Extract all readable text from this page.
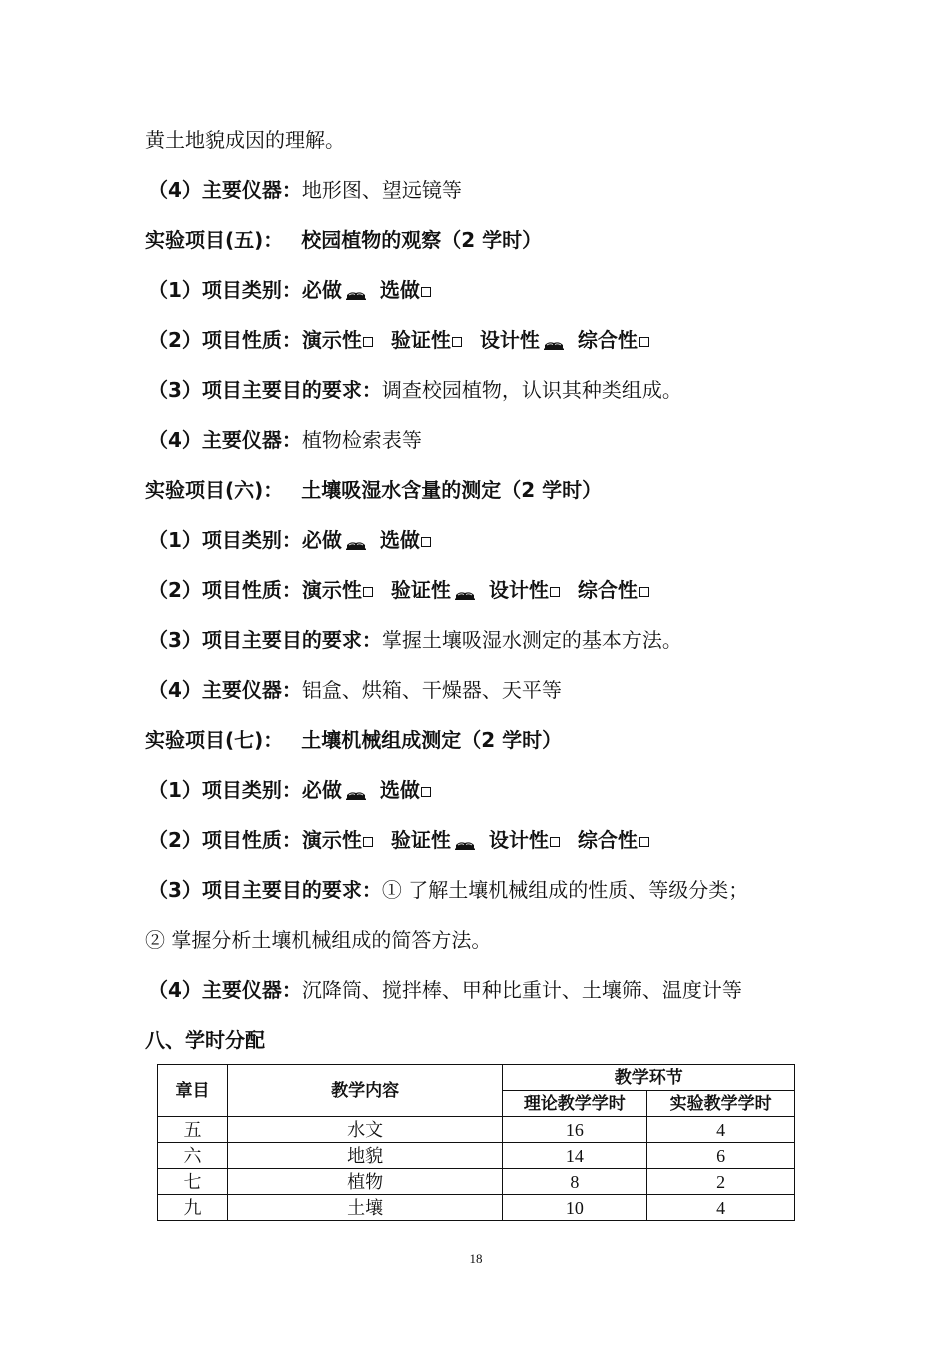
黄土地貌成因的理解。
（4）主要仪器：地形图、望远镜等
实验项目(五)： 校园植物的观察（2 学时）
（1）项目类别：必做 选做
（2）项目性质：演示性 验证性 设计性 综合性
（3）项目主要目的要求：调查校园植物，认识其种类组成。
（4）主要仪器：植物检索表等
实验项目(六)： 土壤吸湿水含量的测定（2 学时）
（1）项目类别：必做 选做
（2）项目性质：演示性 验证性 设计性 综合性
（3）项目主要目的要求：掌握土壤吸湿水测定的基本方法。
（4）主要仪器：铝盒、烘箱、干燥器、天平等
实验项目(七)： 土壤机械组成测定（2 学时）
（1）项目类别：必做 选做
（2）项目性质：演示性 验证性 设计性 综合性
（3）项目主要目的要求：① 了解土壤机械组成的性质、等级分类；
② 掌握分析土壤机械组成的简答方法。
（4）主要仪器：沉降筒、搅拌棒、甲种比重计、土壤筛、温度计等
八、学时分配
章目	教学内容	教学环节	
		理论教学学时	实验教学学时
五	水文	16	4
六	地貌	14	6
七	植物	8	2
九	土壤	10	4
18
